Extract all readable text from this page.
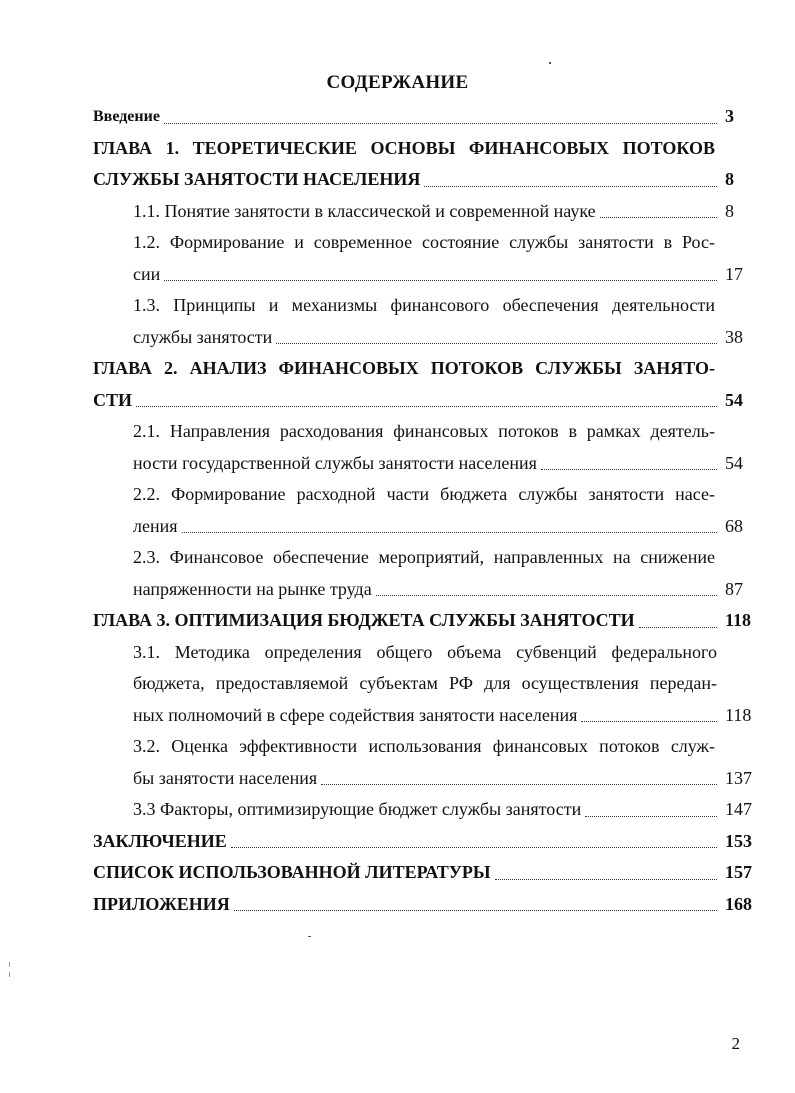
СОДЕРЖАНИЕ
Введение	3
ГЛАВА 1. ТЕОРЕТИЧЕСКИЕ ОСНОВЫ ФИНАНСОВЫХ ПОТОКОВ
СЛУЖБЫ ЗАНЯТОСТИ НАСЕЛЕНИЯ	8
1.1. Понятие занятости в классической и современной науке	8
1.2. Формирование и современное состояние службы занятости в Рос-
сии	17
1.3. Принципы и механизмы финансового обеспечения деятельности
службы занятости	38
ГЛАВА 2. АНАЛИЗ ФИНАНСОВЫХ ПОТОКОВ СЛУЖБЫ ЗАНЯТО-
СТИ	54
2.1. Направления расходования финансовых потоков в рамках деятель-
ности государственной службы занятости населения	54
2.2. Формирование расходной части бюджета службы занятости насе-
ления	68
2.3. Финансовое обеспечение мероприятий, направленных на снижение
напряженности на рынке труда	87
ГЛАВА 3. ОПТИМИЗАЦИЯ БЮДЖЕТА СЛУЖБЫ ЗАНЯТОСТИ	118
3.1. Методика определения общего объема субвенций федерального
бюджета, предоставляемой субъектам РФ для осуществления передан-
ных полномочий в сфере содействия занятости населения	118
3.2. Оценка эффективности использования финансовых потоков служ-
бы занятости населения	137
3.3 Факторы, оптимизирующие бюджет службы занятости	147
ЗАКЛЮЧЕНИЕ	153
СПИСОК ИСПОЛЬЗОВАННОЙ ЛИТЕРАТУРЫ	157
ПРИЛОЖЕНИЯ	168
2
